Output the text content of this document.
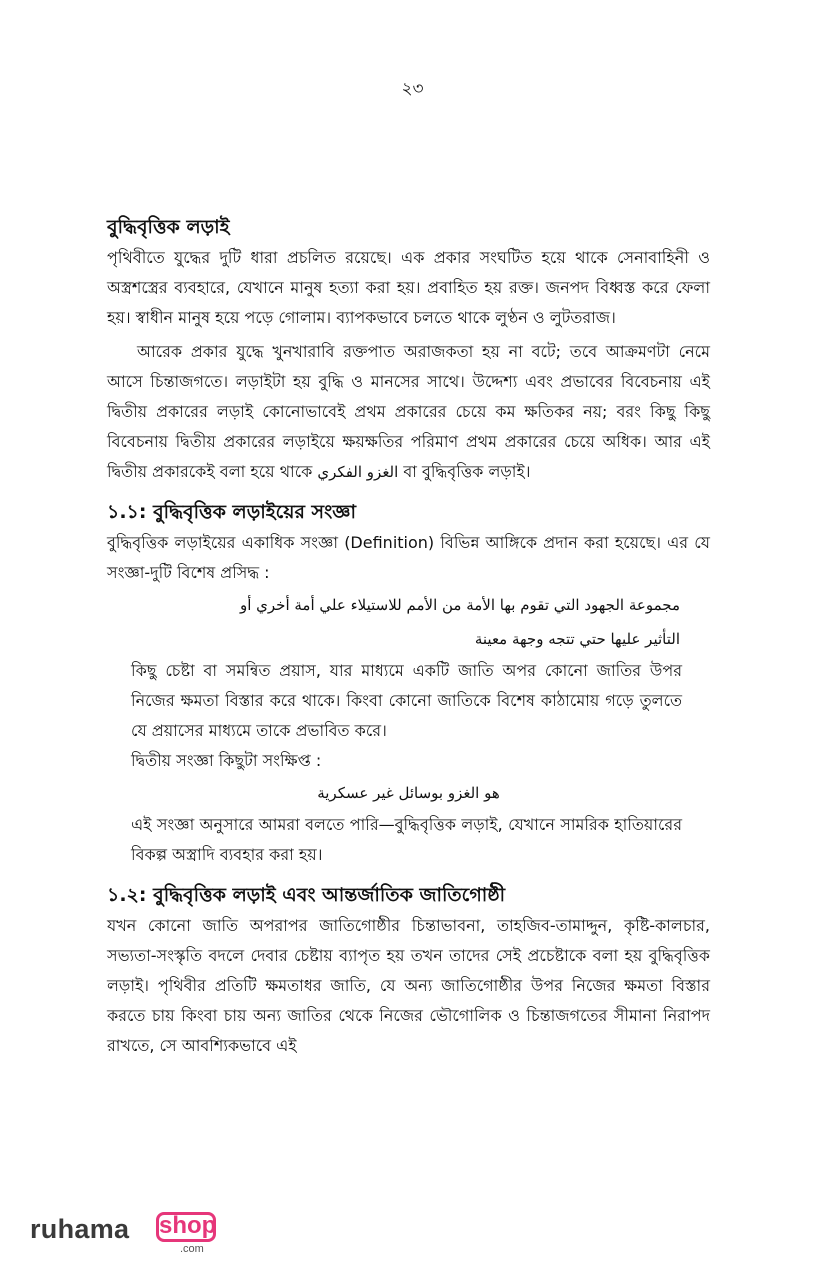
২৩
বুদ্ধিবৃত্তিক লড়াই

পৃথিবীতে যুদ্ধের দুটি ধারা প্রচলিত রয়েছে। এক প্রকার সংঘটিত হয়ে থাকে সেনাবাহিনী ও অস্ত্রশস্ত্রের ব্যবহারে, যেখানে মানুষ হত্যা করা হয়। প্রবাহিত হয় রক্ত। জনপদ বিধ্বস্ত করে ফেলা হয়। স্বাধীন মানুষ হয়ে পড়ে গোলাম। ব্যাপকভাবে চলতে থাকে লুণ্ঠন ও লুটতরাজ।

আরেক প্রকার যুদ্ধে খুনখারাবি রক্তপাত অরাজকতা হয় না বটে; তবে আক্রমণটা নেমে আসে চিন্তাজগতে। লড়াইটা হয় বুদ্ধি ও মানসের সাথে। উদ্দেশ্য এবং প্রভাবের বিবেচনায় এই দ্বিতীয় প্রকারের লড়াই কোনোভাবেই প্রথম প্রকারের চেয়ে কম ক্ষতিকর নয়; বরং কিছু কিছু বিবেচনায় দ্বিতীয় প্রকারের লড়াইয়ে ক্ষয়ক্ষতির পরিমাণ প্রথম প্রকারের চেয়ে অধিক। আর এই দ্বিতীয় প্রকারকেই বলা হয়ে থাকে الغزو الفكري বা বুদ্ধিবৃত্তিক লড়াই।

১.১: বুদ্ধিবৃত্তিক লড়াইয়ের সংজ্ঞা

বুদ্ধিবৃত্তিক লড়াইয়ের একাধিক সংজ্ঞা (Definition) বিভিন্ন আঙ্গিকে প্রদান করা হয়েছে। এর যে সংজ্ঞা-দুটি বিশেষ প্রসিদ্ধ :

مجموعة الجهود التي تقوم بها الأمة من الأمم للاستيلاء علي أمة أخري أو

التأثير عليها حتي تتجه وجهة معينة

কিছু চেষ্টা বা সমন্বিত প্রয়াস, যার মাধ্যমে একটি জাতি অপর কোনো জাতির উপর নিজের ক্ষমতা বিস্তার করে থাকে। কিংবা কোনো জাতিকে বিশেষ কাঠামোয় গড়ে তুলতে যে প্রয়াসের মাধ্যমে তাকে প্রভাবিত করে।

দ্বিতীয় সংজ্ঞা কিছুটা সংক্ষিপ্ত :

هو الغزو بوسائل غير عسكرية

এই সংজ্ঞা অনুসারে আমরা বলতে পারি—বুদ্ধিবৃত্তিক লড়াই, যেখানে সামরিক হাতিয়ারের বিকল্প অস্ত্রাদি ব্যবহার করা হয়।

১.২: বুদ্ধিবৃত্তিক লড়াই এবং আন্তর্জাতিক জাতিগোষ্ঠী

যখন কোনো জাতি অপরাপর জাতিগোষ্ঠীর চিন্তাভাবনা, তাহজিব-তামাদ্দুন, কৃষ্টি-কালচার, সভ্যতা-সংস্কৃতি বদলে দেবার চেষ্টায় ব্যাপৃত হয় তখন তাদের সেই প্রচেষ্টাকে বলা হয় বুদ্ধিবৃত্তিক লড়াই। পৃথিবীর প্রতিটি ক্ষমতাধর জাতি, যে অন্য জাতিগোষ্ঠীর উপর নিজের ক্ষমতা বিস্তার করতে চায় কিংবা চায় অন্য জাতির থেকে নিজের ভৌগোলিক ও চিন্তাজগতের সীমানা নিরাপদ রাখতে, সে আবশ্যিকভাবে এই

ruhama shop
.com
